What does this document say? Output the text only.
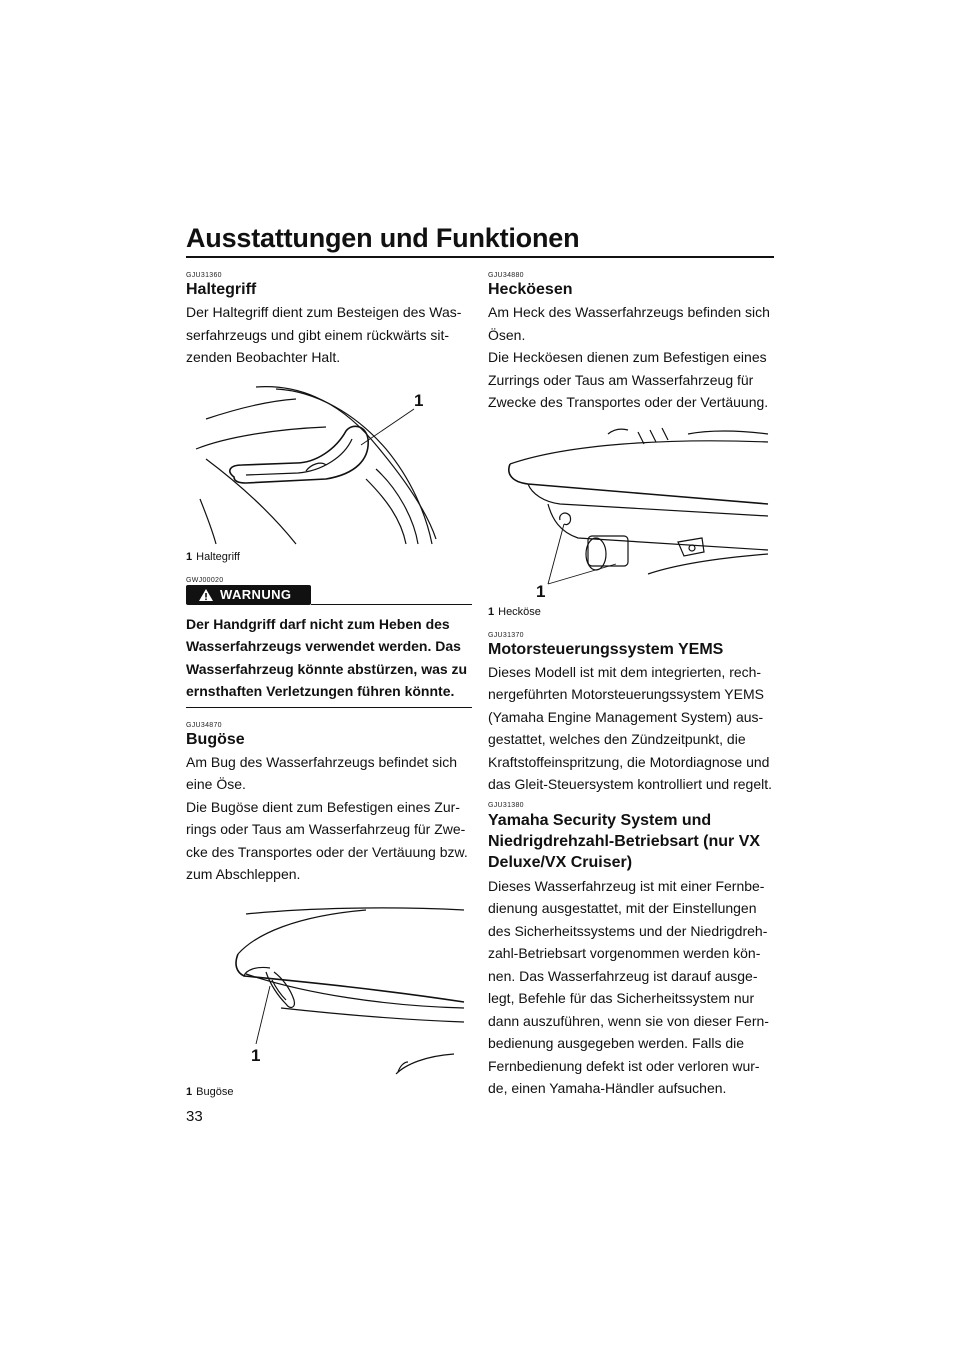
Ausstattungen und Funktionen

GJU31360

Haltegriff

Der Haltegriff dient zum Besteigen des Was-serfahrzeugs und gibt einem rückwärts sit-zenden Beobachter Halt.

1
1 Haltegriff

GWJ00020

WARNUNG

Der Handgriff darf nicht zum Heben des Wasserfahrzeugs verwendet werden. Das Wasserfahrzeug könnte abstürzen, was zu ernsthaften Verletzungen führen könnte.

GJU34870

Bugöse

Am Bug des Wasserfahrzeugs befindet sich eine Öse.

Die Bugöse dient zum Befestigen eines Zur-rings oder Taus am Wasserfahrzeug für Zwe-cke des Transportes oder der Vertäuung bzw. zum Abschleppen.

1
1 Bugöse

GJU34880

Hecköesen

Am Heck des Wasserfahrzeugs befinden sich Ösen.

Die Hecköesen dienen zum Befestigen eines Zurrings oder Taus am Wasserfahrzeug für Zwecke des Transportes oder der Vertäuung.

1
1 Hecköse

GJU31370

Motorsteuerungssystem YEMS

Dieses Modell ist mit dem integrierten, rech-nergeführten Motorsteuerungssystem YEMS (Yamaha Engine Management System) aus-gestattet, welches den Zündzeitpunkt, die Kraftstoffeinspritzung, die Motordiagnose und das Gleit-Steuersystem kontrolliert und regelt.

GJU31380

Yamaha Security System und Niedrigdrehzahl-Betriebsart (nur VX Deluxe/VX Cruiser)

Dieses Wasserfahrzeug ist mit einer Fernbe-dienung ausgestattet, mit der Einstellungen des Sicherheitssystems und der Niedrigdreh-zahl-Betriebsart vorgenommen werden kön-nen. Das Wasserfahrzeug ist darauf ausge-legt, Befehle für das Sicherheitssystem nur dann auszuführen, wenn sie von dieser Fern-bedienung ausgegeben werden. Falls die Fernbedienung defekt ist oder verloren wur-de, einen Yamaha-Händler aufsuchen.

33
